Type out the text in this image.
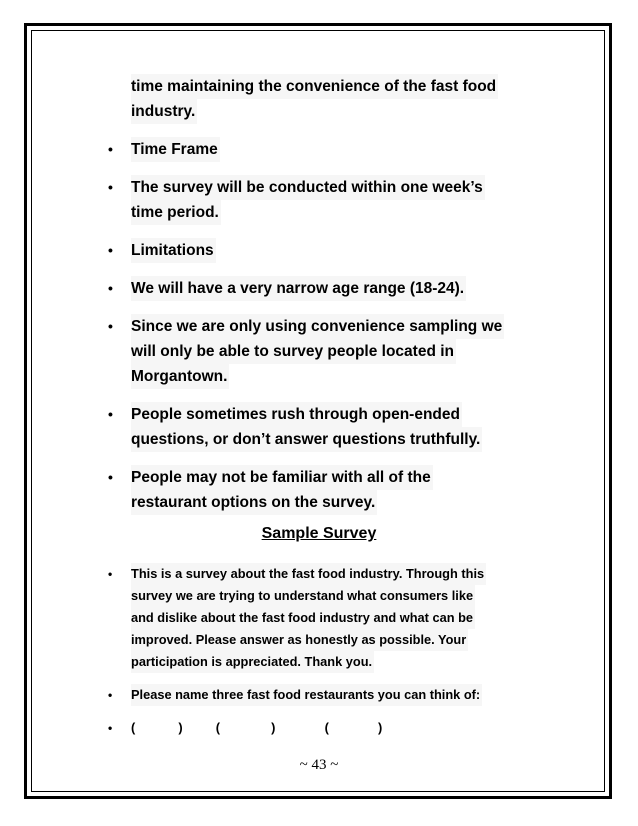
time maintaining the convenience of the fast food
industry.
• Time Frame
• The survey will be conducted within one week’s
time period.
• Limitations
• We will have a very narrow age range (18-24).
• Since we are only using convenience sampling we
will only be able to survey people located in
Morgantown.
• People sometimes rush through open-ended
questions, or don’t answer questions truthfully.
• People may not be familiar with all of the
restaurant options on the survey.
Sample Survey
• This is a survey about the fast food industry. Through this
survey we are trying to understand what consumers like
and dislike about the fast food industry and what can be
improved. Please answer as honestly as possible. Your
participation is appreciated. Thank you.
• Please name three fast food restaurants you can think of:
• (	)	(	)	(	)
~ 43 ~
